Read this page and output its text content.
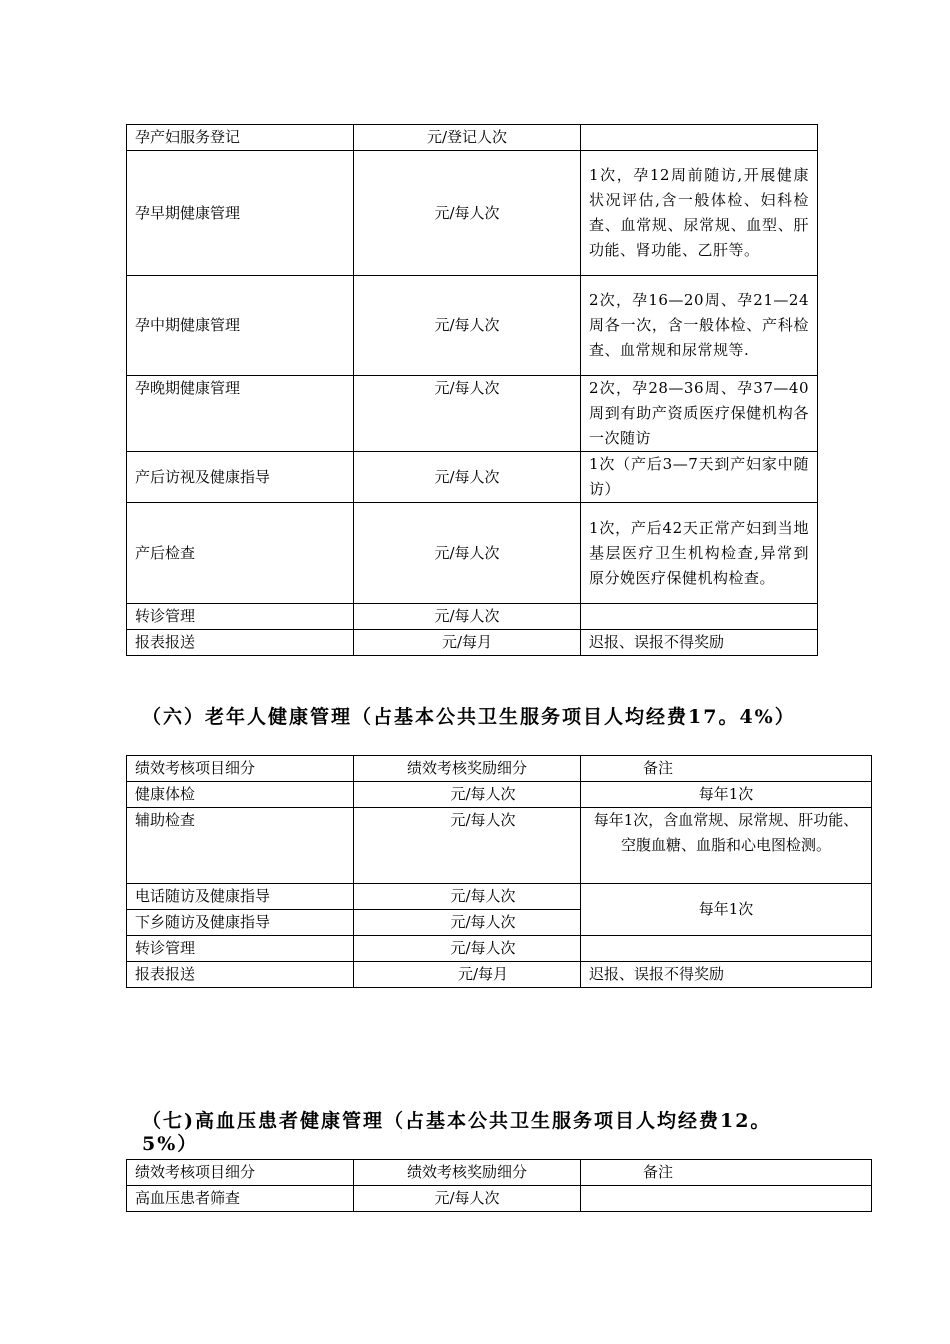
孕产妇服务登记	元/登记人次	
孕早期健康管理	元/每人次	1次，孕12周前随访,开展健康状况评估,含一般体检、妇科检查、血常规、尿常规、血型、肝功能、肾功能、乙肝等。
孕中期健康管理	元/每人次	2次，孕16—20周、孕21—24周各一次，含一般体检、产科检查、血常规和尿常规等.
孕晚期健康管理	元/每人次	2次，孕28—36周、孕37—40周到有助产资质医疗保健机构各一次随访
产后访视及健康指导	元/每人次	1次（产后3—7天到产妇家中随访）
产后检查	元/每人次	1次，产后42天正常产妇到当地基层医疗卫生机构检查,异常到原分娩医疗保健机构检查。
转诊管理	元/每人次	
报表报送	元/每月	迟报、误报不得奖励
（六）老年人健康管理（占基本公共卫生服务项目人均经费17。4%）
绩效考核项目细分	绩效考核奖励细分	备注
健康体检	元/每人次	每年1次
辅助检查	元/每人次	每年1次，含血常规、尿常规、肝功能、空腹血糖、血脂和心电图检测。
电话随访及健康指导	元/每人次	每年1次
下乡随访及健康指导	元/每人次	
转诊管理	元/每人次	
报表报送	元/每月	迟报、误报不得奖励
（七)高血压患者健康管理（占基本公共卫生服务项目人均经费12。5%）
绩效考核项目细分	绩效考核奖励细分	备注
高血压患者筛查	元/每人次	
